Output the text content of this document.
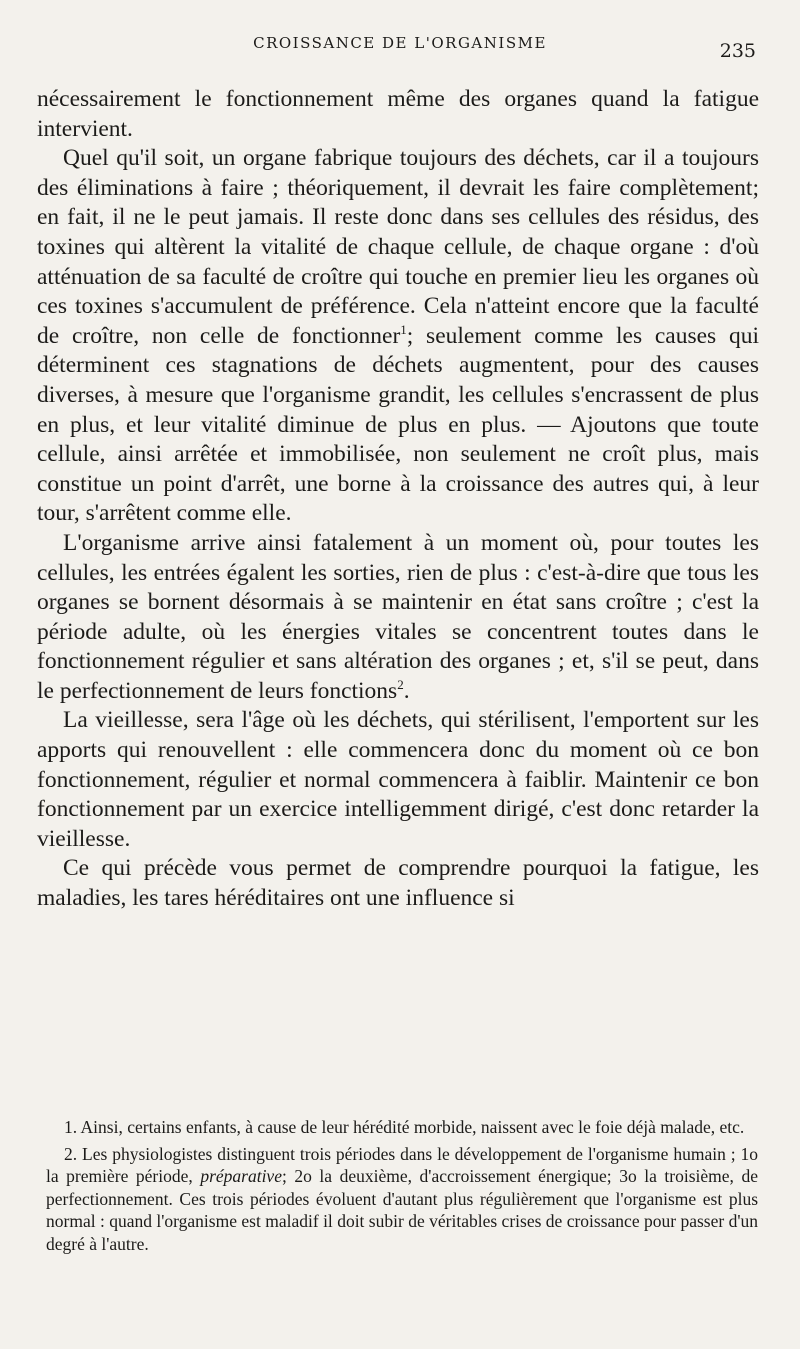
CROISSANCE DE L'ORGANISME	235

nécessairement le fonctionnement même des organes quand la fatigue intervient.

Quel qu'il soit, un organe fabrique toujours des déchets, car il a toujours des éliminations à faire ; théoriquement, il devrait les faire complètement; en fait, il ne le peut jamais. Il reste donc dans ses cellules des résidus, des toxines qui altèrent la vitalité de chaque cellule, de chaque organe : d'où atténuation de sa faculté de croître qui touche en premier lieu les organes où ces toxines s'accumulent de préférence. Cela n'atteint encore que la faculté de croître, non celle de fonctionner$^1$; seulement comme les causes qui déterminent ces stagnations de déchets augmentent, pour des causes diverses, à mesure que l'organisme grandit, les cellules s'encrassent de plus en plus, et leur vitalité diminue de plus en plus. — Ajoutons que toute cellule, ainsi arrêtée et immobilisée, non seulement ne croît plus, mais constitue un point d'arrêt, une borne à la croissance des autres qui, à leur tour, s'arrêtent comme elle.

L'organisme arrive ainsi fatalement à un moment où, pour toutes les cellules, les entrées égalent les sorties, rien de plus : c'est-à-dire que tous les organes se bornent désormais à se maintenir en état sans croître ; c'est la période adulte, où les énergies vitales se concentrent toutes dans le fonctionnement régulier et sans altération des organes ; et, s'il se peut, dans le perfectionnement de leurs fonctions$^2$.

La vieillesse, sera l'âge où les déchets, qui stérilisent, l'emportent sur les apports qui renouvellent : elle commencera donc du moment où ce bon fonctionnement, régulier et normal commencera à faiblir. Maintenir ce bon fonctionnement par un exercice intelligemment dirigé, c'est donc retarder la vieillesse.

Ce qui précède vous permet de comprendre pourquoi la fatigue, les maladies, les tares héréditaires ont une influence si

1. Ainsi, certains enfants, à cause de leur hérédité morbide, naissent avec le foie déjà malade, etc.

2. Les physiologistes distinguent trois périodes dans le développement de l'organisme humain ; 1o la première période, préparative; 2o la deuxième, d'accroissement énergique; 3o la troisième, de perfectionnement. Ces trois périodes évoluent d'autant plus régulièrement que l'organisme est plus normal : quand l'organisme est maladif il doit subir de véritables crises de croissance pour passer d'un degré à l'autre.
